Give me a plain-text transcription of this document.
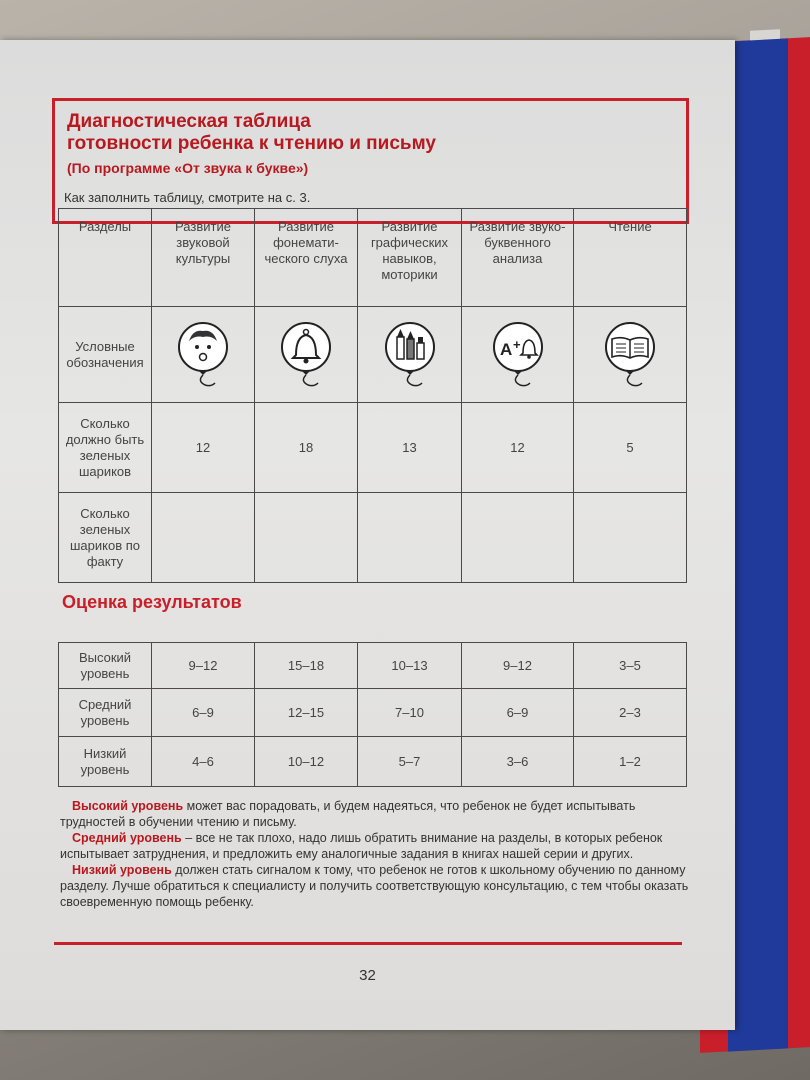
Диагностическая таблица
готовности ребенка к чтению и письму
(По программе «От звука к букве»)
Как заполнить таблицу, смотрите на с. 3.
Разделы	Развитие звуковой культуры	Развитие фонемати-ческого слуха	Развитие графических навыков, моторики	Развитие звуко-буквенного анализа	Чтение
Условные обозначения				A +

Сколько должно быть зеленых шариков	12	18	13	12	5
Сколько зеленых шариков по факту					
Оценка результатов
Высокий уровень	9–12	15–18	10–13	9–12	3–5
Средний уровень	6–9	12–15	7–10	6–9	2–3
Низкий уровень	4–6	10–12	5–7	3–6	1–2

Высокий уровень может вас порадовать, и будем надеяться, что ребенок не будет испытывать трудностей в обучении чтению и письму.

Средний уровень – все не так плохо, надо лишь обратить внимание на разделы, в которых ребенок испытывает затруднения, и предложить ему аналогичные задания в книгах нашей серии и других.

Низкий уровень должен стать сигналом к тому, что ребенок не готов к школьному обучению по данному разделу. Лучше обратиться к специалисту и получить соответствующую консультацию, с тем чтобы оказать своевременную помощь ребенку.

32
